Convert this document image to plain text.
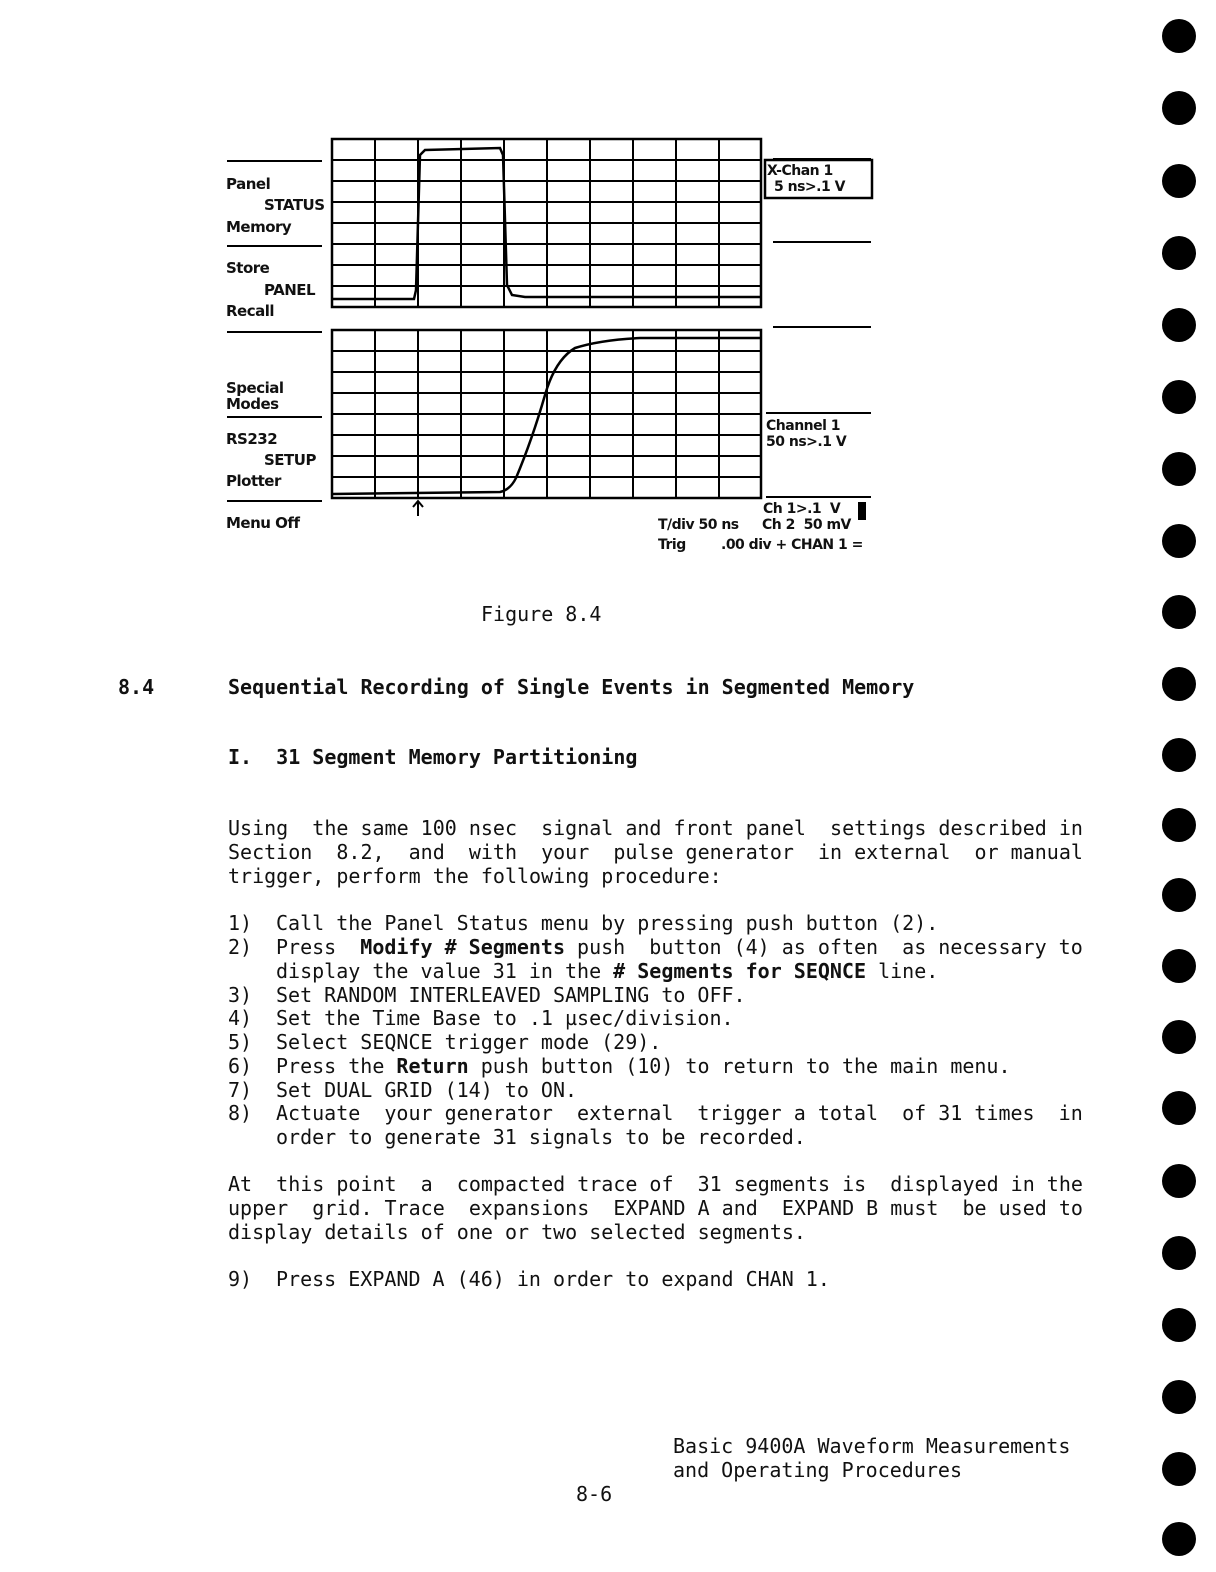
Panel
STATUS
Memory
Store
PANEL
Recall
Special
Modes
RS232
SETUP
Plotter
Menu Off
X-Chan 1
5 ns>.1 V
Channel 1
50 ns>.1 V
Ch 1>.1  V
T/div 50 ns Ch 2  50 mV
Trig	.00 div + CHAN 1 =
Figure 8.4
8.4	Sequential Recording of Single Events in Segmented Memory
I.  31 Segment Memory Partitioning
Using  the same 100 nsec  signal and front panel  settings described in
Section  8.2,  and  with  your  pulse generator  in external  or manual
trigger, perform the following procedure:
1) Call the Panel Status menu by pressing push button (2).
2) Press  Modify # Segments push  button (4) as often  as necessary to
display the value 31 in the # Segments for SEQNCE line.
3) Set RANDOM INTERLEAVED SAMPLING to OFF.
4) Set the Time Base to .1 µsec/division.
5) Select SEQNCE trigger mode (29).
6) Press the Return push button (10) to return to the main menu.
7) Set DUAL GRID (14) to ON.
8) Actuate  your generator  external  trigger a total  of 31 times  in
order to generate 31 signals to be recorded.
At  this point  a  compacted trace of  31 segments is  displayed in the
upper  grid. Trace  expansions  EXPAND A and  EXPAND B must  be used to
display details of one or two selected segments.
9) Press EXPAND A (46) in order to expand CHAN 1.
Basic 9400A Waveform Measurements
and Operating Procedures
8-6
